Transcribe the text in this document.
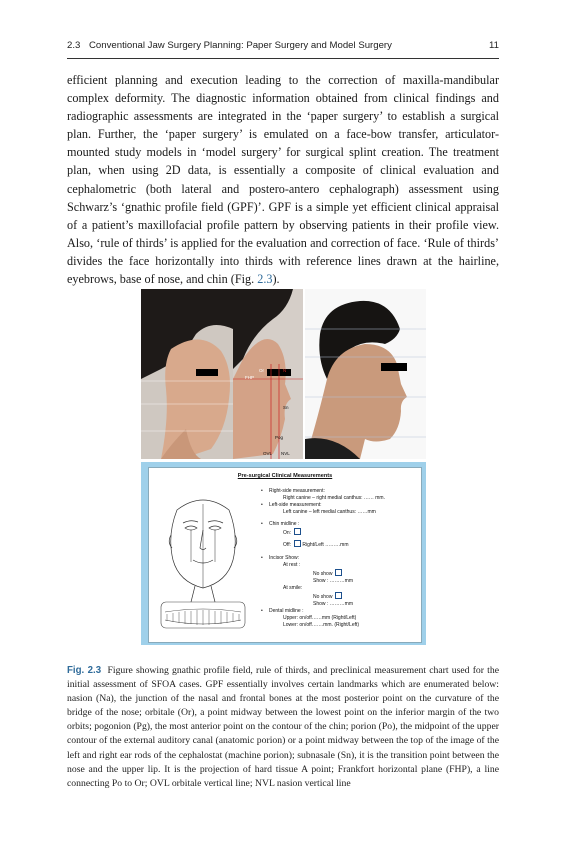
2.3 Conventional Jaw Surgery Planning: Paper Surgery and Model Surgery	11
efficient planning and execution leading to the correction of maxilla-mandibular complex deformity. The diagnostic information obtained from clinical findings and radiographic assessments are integrated in the ‘paper surgery’ to establish a surgical plan. Further, the ‘paper surgery’ is emulated on a face-bow transfer, articulator-mounted study models in ‘model surgery’ for surgical splint creation. The treatment plan, when using 2D data, is essentially a composite of clinical evaluation and cephalometric (both lateral and postero-antero cephalograph) assessment using Schwarz’s ‘gnathic profile field (GPF)’. GPF is a simple yet efficient clinical appraisal of a patient’s maxillofacial profile pattern by observing patients in their profile view. Also, ‘rule of thirds’ is applied for the evaluation and correction of face. ‘Rule of thirds’ divides the face horizontally into thirds with reference lines drawn at the hairline, eyebrows, base of nose, and chin (Fig. 2.3).
Or	N
Sn
Pog
OVL NVL
FHP
Pre-surgical Clinical Measurements
• Right-side measurement:
Right canine – right medial canthus: …… mm.
• Left-side measurement:
Left canine – left medial canthus: ……mm
• Chin midline :
On:
Off: Right/Left ………mm
• Incisor Show:
At rest :
No show
Show : ………mm
At smile:
No show
Show : ………mm
• Dental midline :
Upper: on/off……mm (Right/Left)
Lower: on/off…….mm. (Right/Left)
Fig. 2.3 Figure showing gnathic profile field, rule of thirds, and preclinical measurement chart used for the initial assessment of SFOA cases. GPF essentially involves certain landmarks which are enumerated below: nasion (Na), the junction of the nasal and frontal bones at the most posterior point on the curvature of the bridge of the nose; orbitale (Or), a point midway between the lowest point on the inferior margin of the two orbits; pogonion (Pg), the most anterior point on the contour of the chin; porion (Po), the midpoint of the upper contour of the external auditory canal (anatomic porion) or a point midway between the top of the image of the left and right ear rods of the cephalostat (machine porion); subnasale (Sn), it is the transition point between the nose and the upper lip. It is the projection of hard tissue A point; Frankfort horizontal plane (FHP), a line connecting Po to Or; OVL orbitale vertical line; NVL nasion vertical line
